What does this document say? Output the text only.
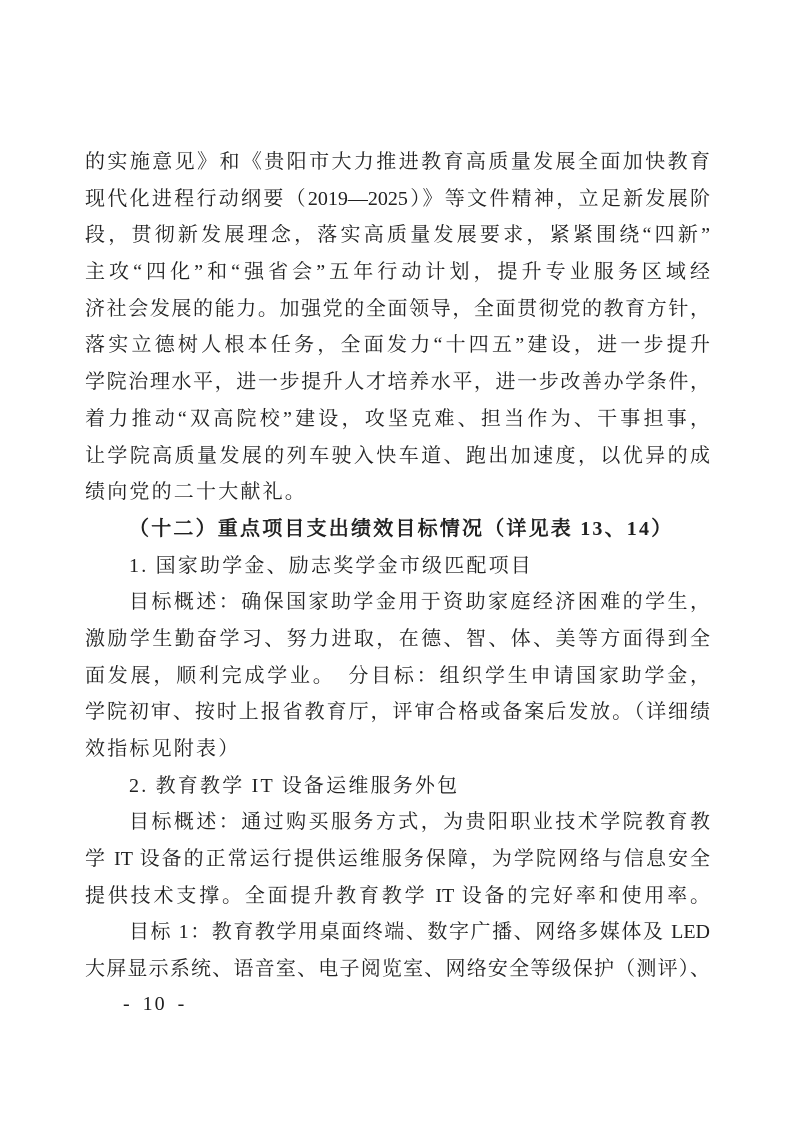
的实施意见》和《贵阳市大力推进教育高质量发展全面加快教育
现代化进程行动纲要（2019—2025）》等文件精神，立足新发展阶
段，贯彻新发展理念，落实高质量发展要求，紧紧围绕“四新”
主攻“四化”和“强省会”五年行动计划，提升专业服务区域经
济社会发展的能力。加强党的全面领导，全面贯彻党的教育方针，
落实立德树人根本任务，全面发力“十四五”建设，进一步提升
学院治理水平，进一步提升人才培养水平，进一步改善办学条件，
着力推动“双高院校”建设，攻坚克难、担当作为、干事担事，
让学院高质量发展的列车驶入快车道、跑出加速度，以优异的成
绩向党的二十大献礼。
（十二）重点项目支出绩效目标情况（详见表 13、14）
1. 国家助学金、励志奖学金市级匹配项目
目标概述：确保国家助学金用于资助家庭经济困难的学生，
激励学生勤奋学习、努力进取，在德、智、体、美等方面得到全
面发展，顺利完成学业。　分目标：组织学生申请国家助学金，
学院初审、按时上报省教育厅，评审合格或备案后发放。（详细绩
效指标见附表）
2. 教育教学 IT 设备运维服务外包
目标概述：通过购买服务方式，为贵阳职业技术学院教育教
学 IT 设备的正常运行提供运维服务保障，为学院网络与信息安全
提供技术支撑。全面提升教育教学 IT 设备的完好率和使用率。
目标 1：教育教学用桌面终端、数字广播、网络多媒体及 LED
大屏显示系统、语音室、电子阅览室、网络安全等级保护（测评）、
- 10 -
